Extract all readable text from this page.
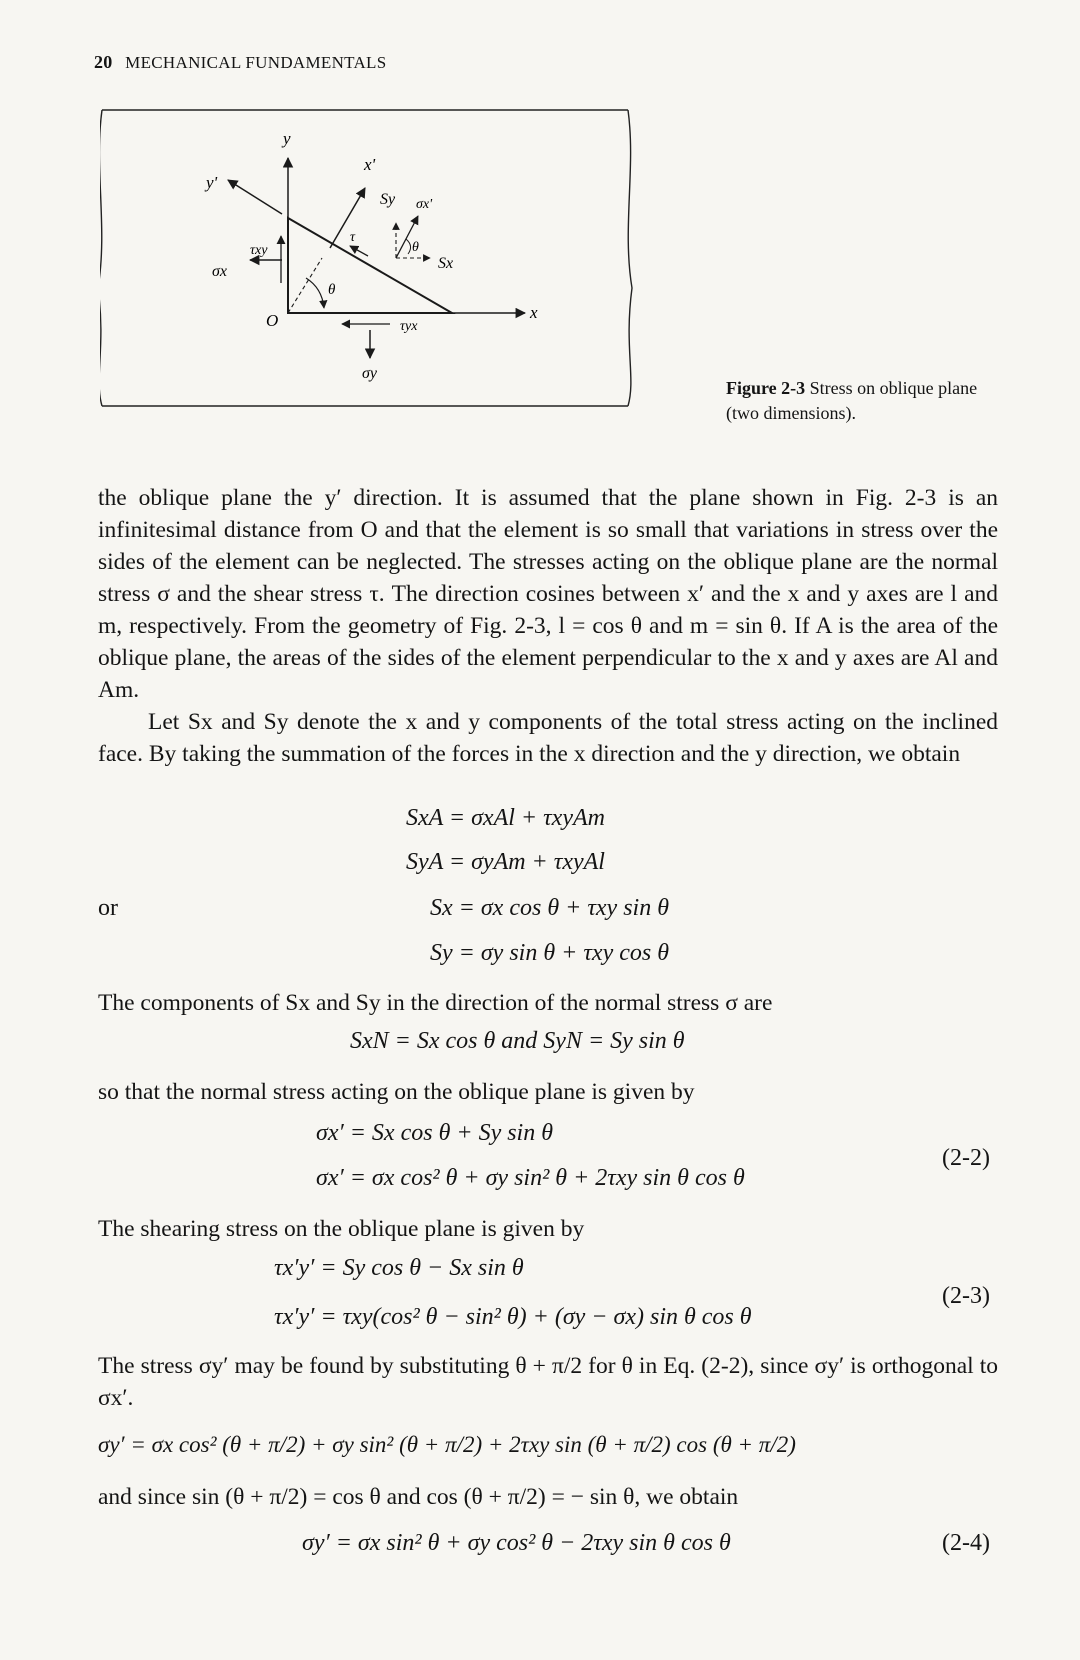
20 MECHANICAL FUNDAMENTALS
y
y'
x'
x
O
σx
τxy
τyx
σy
τ
θ
θ
Sy
Sx
σx'
Figure 2-3 Stress on oblique plane (two dimensions).

the oblique plane the y′ direction. It is assumed that the plane shown in Fig. 2-3 is an infinitesimal distance from O and that the element is so small that variations in stress over the sides of the element can be neglected. The stresses acting on the oblique plane are the normal stress σ and the shear stress τ. The direction cosines between x′ and the x and y axes are l and m, respectively. From the geometry of Fig. 2-3, l = cos θ and m = sin θ. If A is the area of the oblique plane, the areas of the sides of the element perpendicular to the x and y axes are Al and Am.

Let Sx and Sy denote the x and y components of the total stress acting on the inclined face. By taking the summation of the forces in the x direction and the y direction, we obtain

SxA = σxAl + τxyAm
SyA = σyAm + τxyAl
or	Sx = σx cos θ + τxy sin θ
Sy = σy sin θ + τxy cos θ

The components of Sx and Sy in the direction of the normal stress σ are

SxN = Sx cos θ and SyN = Sy sin θ

so that the normal stress acting on the oblique plane is given by

σx′ = Sx cos θ + Sy sin θ
σx′ = σx cos² θ + σy sin² θ + 2τxy sin θ cos θ
(2-2)

The shearing stress on the oblique plane is given by

τx′y′ = Sy cos θ − Sx sin θ
τx′y′ = τxy(cos² θ − sin² θ) + (σy − σx) sin θ cos θ
(2-3)

The stress σy′ may be found by substituting θ + π/2 for θ in Eq. (2-2), since σy′ is orthogonal to σx′.

σy′ = σx cos² (θ + π/2) + σy sin² (θ + π/2) + 2τxy sin (θ + π/2) cos (θ + π/2)

and since sin (θ + π/2) = cos θ and cos (θ + π/2) = − sin θ, we obtain

σy′ = σx sin² θ + σy cos² θ − 2τxy sin θ cos θ	(2-4)
